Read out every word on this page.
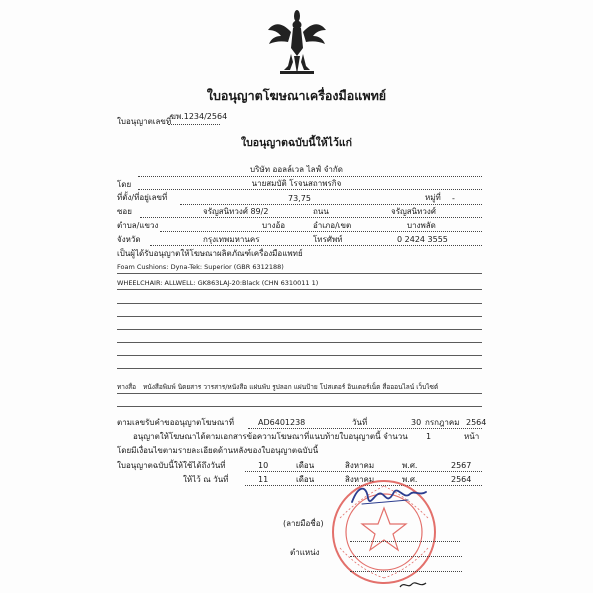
ใบอนุญาตโฆษณาเครื่องมือแพทย์
ใบอนุญาตเลขที่
ฆพ.1234/2564
ใบอนุญาตฉบับนี้ให้ไว้แก่
บริษัท ออลล์เวล ไลฟ์ จำกัด
โดย	นายสมบัติ โรจนสถาพรกิจ
ที่ตั้ง/ที่อยู่เลขที่	73,75	หมู่ที่ -
ซอย	จรัญสนิทวงศ์ 89/2	ถนน	จรัญสนิทวงศ์
ตำบล/แขวง	บางอ้อ	อำเภอ/เขต	บางพลัด
จังหวัด	กรุงเทพมหานคร	โทรศัพท์	0 2424 3555
เป็นผู้ได้รับอนุญาตให้โฆษณาผลิตภัณฑ์เครื่องมือแพทย์
Foam Cushions: Dyna-Tek: Superior (GBR 6312188)
WHEELCHAIR: ALLWELL: GK863LAJ-20:Black (CHN 6310011 1)
ทางสื่อ หนังสือพิมพ์ นิตยสาร วารสาร/หนังสือ แผ่นพับ รูปลอก แผ่นป้าย โปสเตอร์ อินเตอร์เน็ต สื่อออนไลน์ เว็บไซต์
ตามเลขรับคำขออนุญาตโฆษณาที่	AD6401238	วันที่	30 กรกฎาคม 2564
อนุญาตให้โฆษณาได้ตามเอกสารข้อความโฆษณาที่แนบท้ายใบอนุญาตนี้ จำนวน 1	หน้า
โดยมีเงื่อนไขตามรายละเอียดด้านหลังของใบอนุญาตฉบับนี้
ใบอนุญาตฉบับนี้ให้ใช้ได้ถึงวันที่	10	เดือน	สิงหาคม	พ.ศ.	2567
ให้ไว้ ณ วันที่	11	เดือน	สิงหาคม	พ.ศ.	2564
(ลายมือชื่อ)
ตำแหน่ง
